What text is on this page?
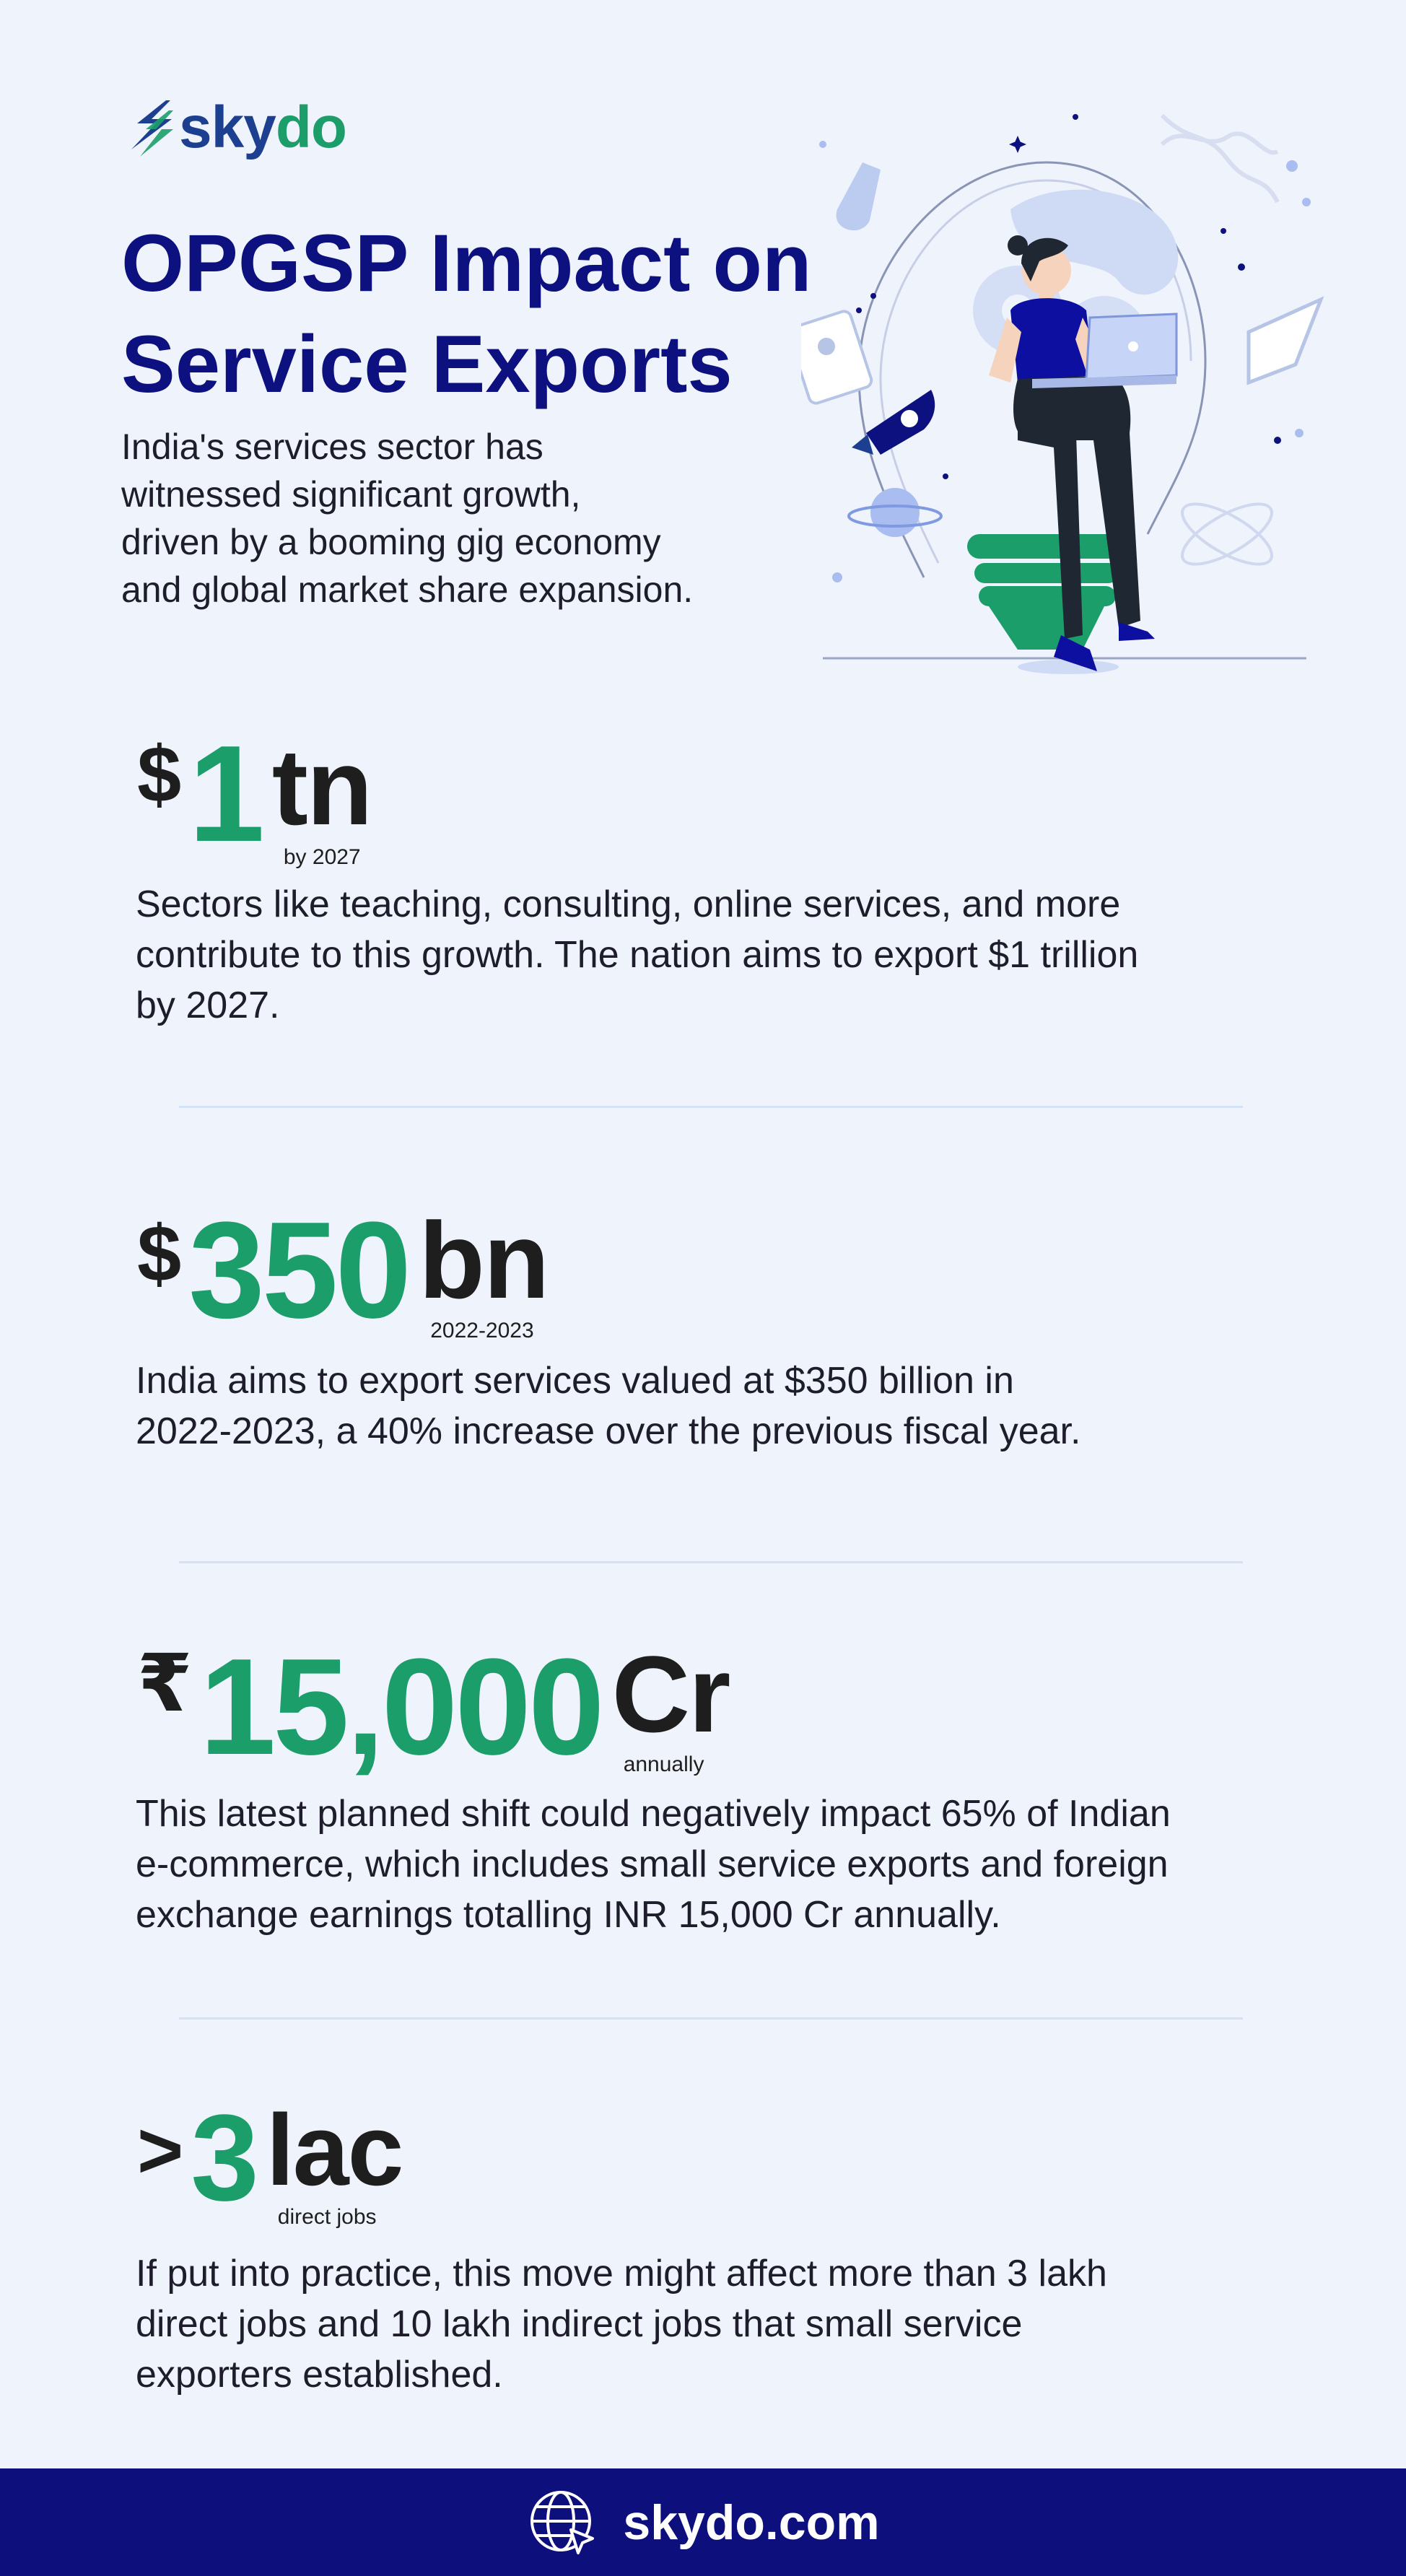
skydo
OPGSP Impact on
Service Exports

India's services sector has
witnessed significant growth,
driven by a booming gig economy
and global market share expansion.

$ 1 tn
by 2027

Sectors like teaching, consulting, online services, and more
contribute to this growth. The nation aims to export $1 trillion
by 2027.

$ 350 bn
2022-2023

India aims to export services valued at $350 billion in
2022-2023, a 40% increase over the previous fiscal year.

₹ 15,000 Cr
annually

This latest planned shift could negatively impact 65% of Indian
e-commerce, which includes small service exports and foreign
exchange earnings totalling INR 15,000 Cr annually.

> 3 lac
direct jobs

If put into practice, this move might affect more than 3 lakh
direct jobs and 10 lakh indirect jobs that small service
exporters established.

skydo.com
